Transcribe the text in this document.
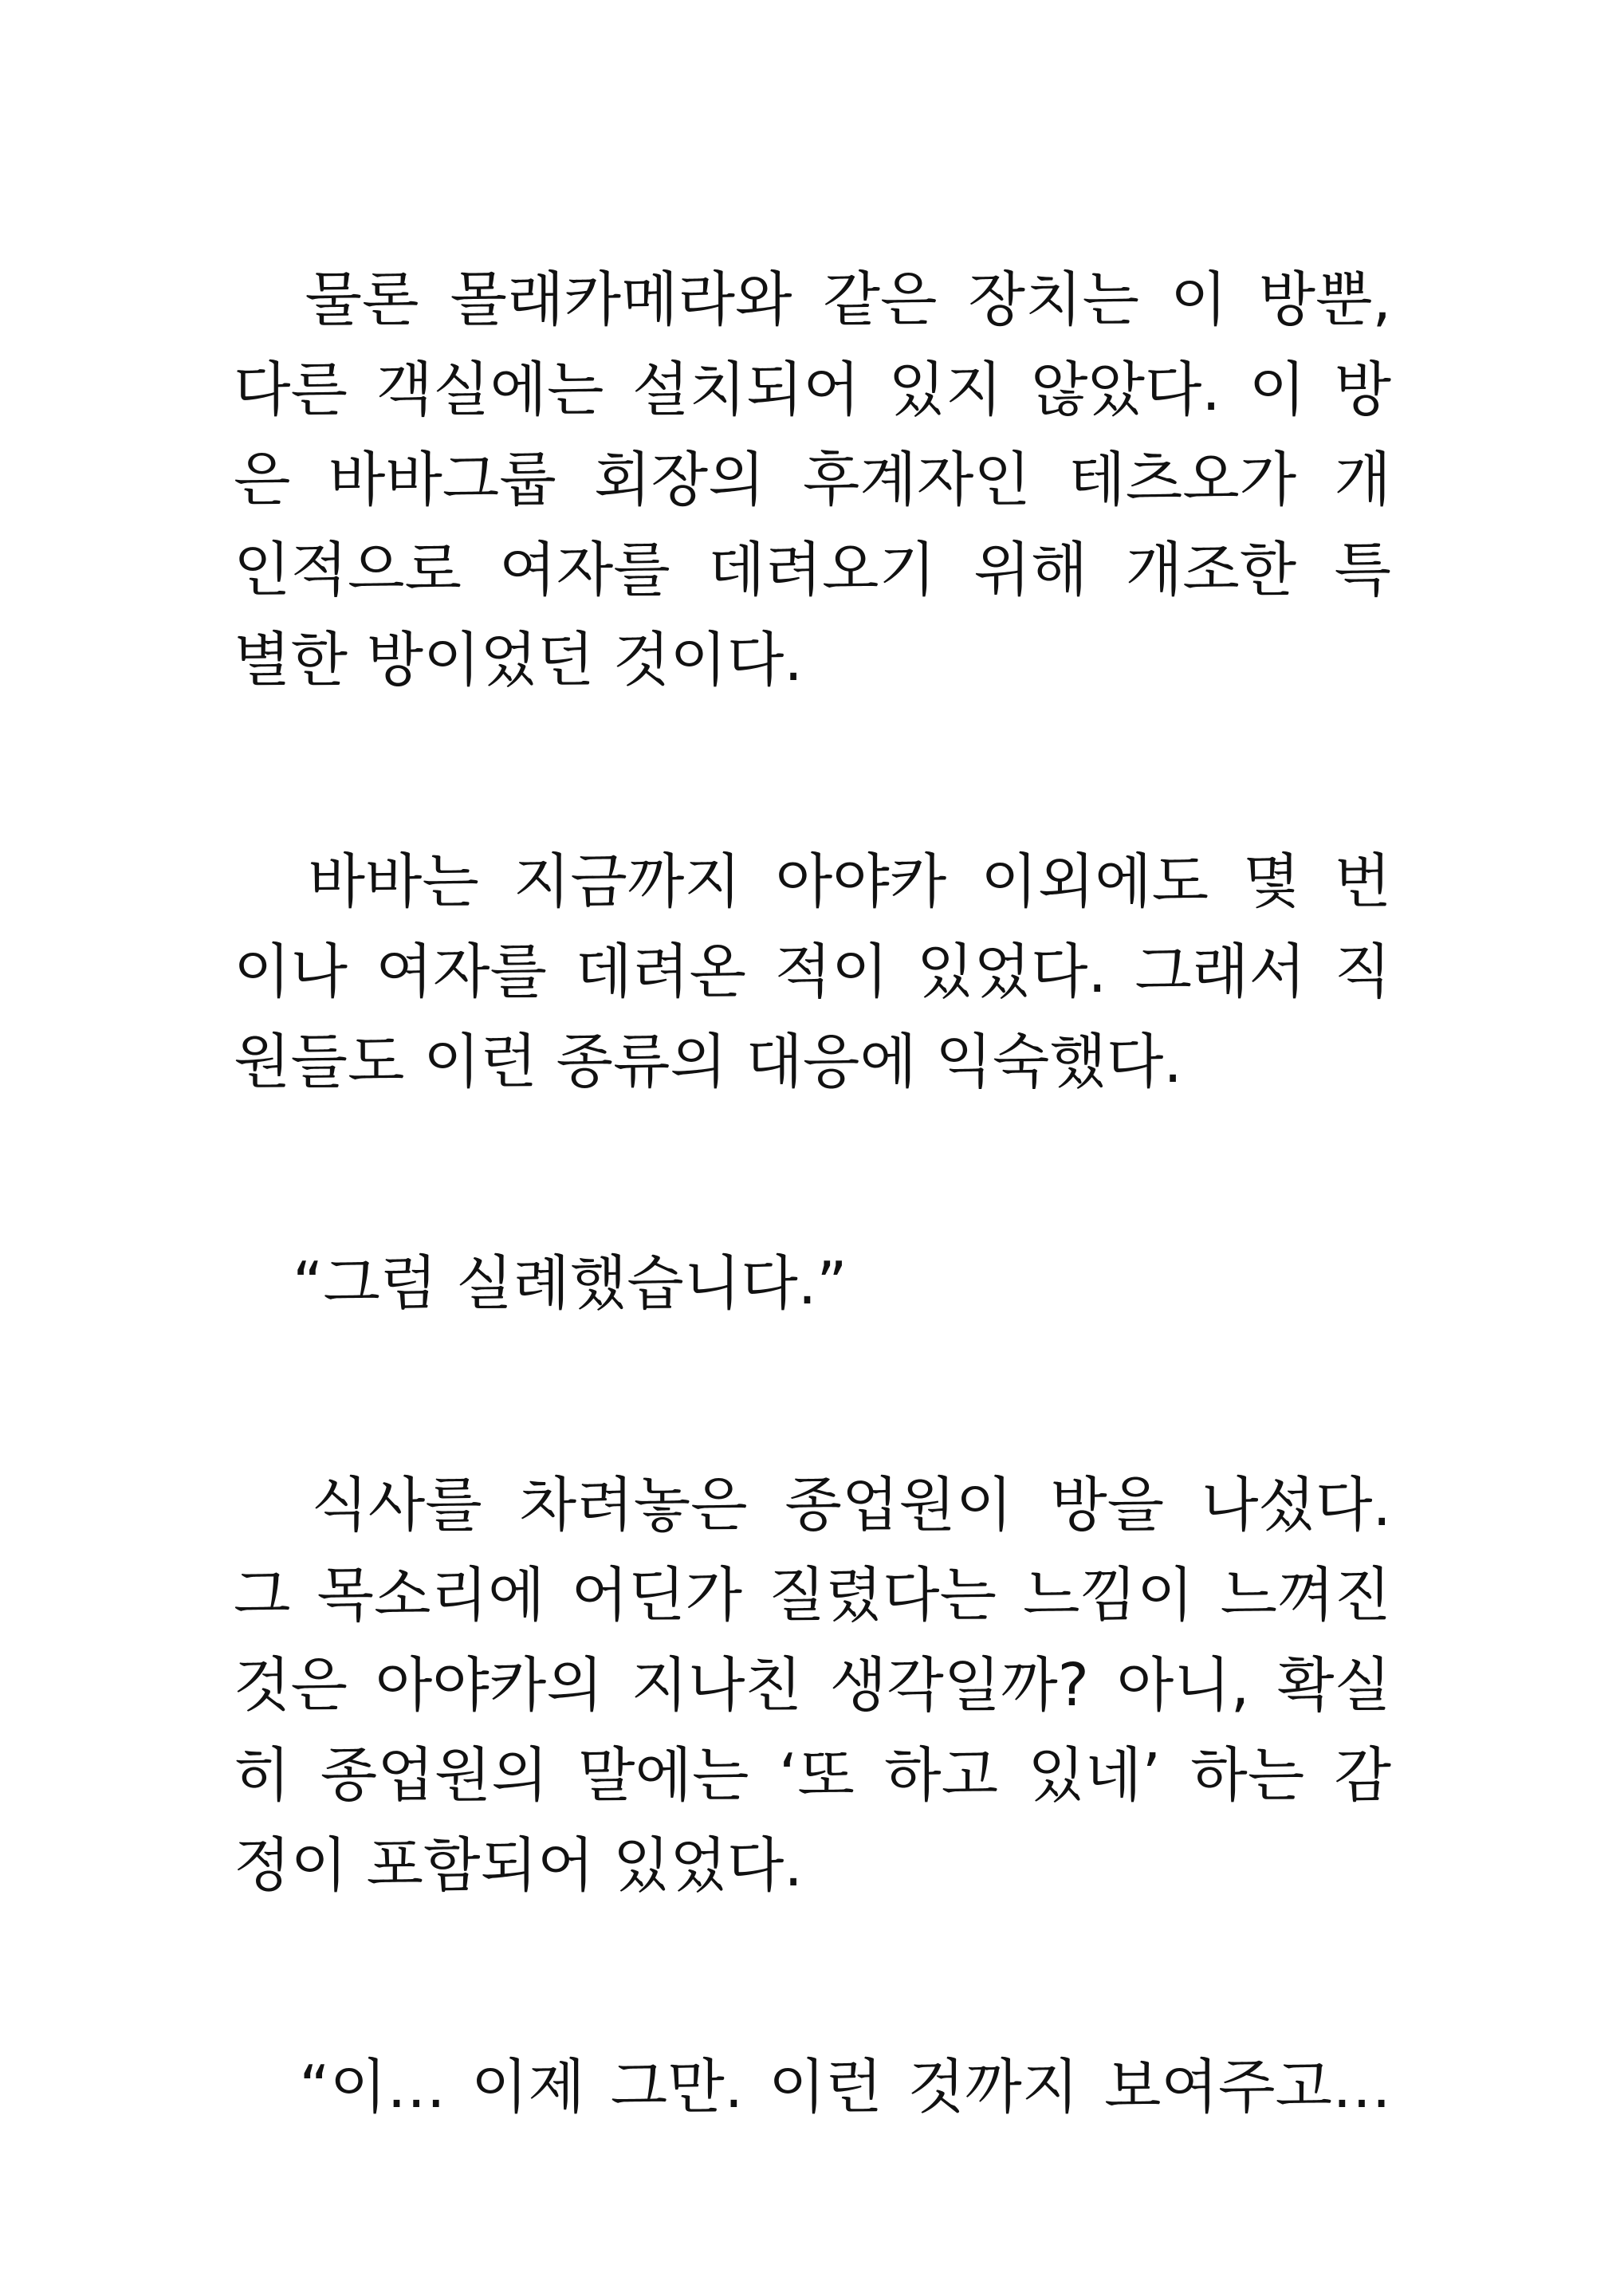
　물론 몰래카메라와 같은 장치는 이 방뿐,
다른 객실에는 설치되어 있지 않았다. 이 방
은 바바그룹 회장의 후계자인 테츠오가 개
인적으로 여자를 데려오기 위해 개조한 특
별한 방이었던 것이다.
　바바는 지금까지 아야카 이외에도 몇 번
이나 여자를 데려온 적이 있었다. 그래서 직
원들도 이런 종류의 대응에 익숙했다.
　“그럼 실례했습니다.”
　식사를 차려놓은 종업원이 방을 나섰다.
그 목소리에 어딘가 질렸다는 느낌이 느껴진
것은 아야카의 지나친 생각일까? 아니, 확실
히 종업원의 말에는 ‘또 하고 있네’ 하는 감
정이 포함되어 있었다.
　“이… 이제 그만. 이런 것까지 보여주고…
